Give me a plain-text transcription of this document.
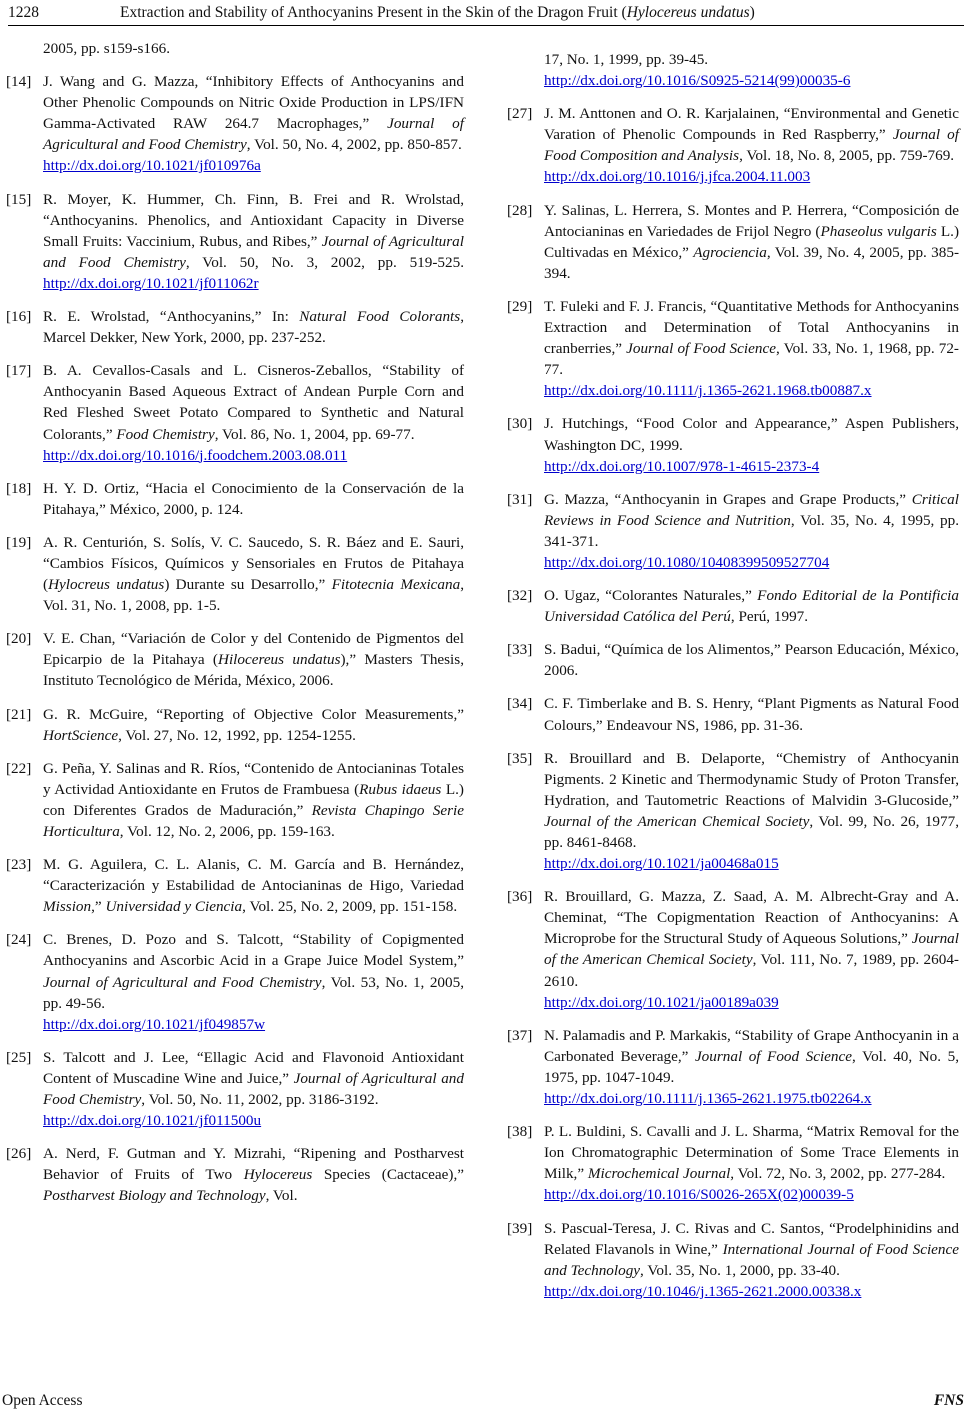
1228	Extraction and Stability of Anthocyanins Present in the Skin of the Dragon Fruit (Hylocereus undatus)
2005, pp. s159-s166.
[14] J. Wang and G. Mazza, “Inhibitory Effects of Anthocyanins and Other Phenolic Compounds on Nitric Oxide Production in LPS/IFN Gamma-Activated RAW 264.7 Macrophages,” Journal of Agricultural and Food Chemistry, Vol. 50, No. 4, 2002, pp. 850-857.
http://dx.doi.org/10.1021/jf010976a
[15] R. Moyer, K. Hummer, Ch. Finn, B. Frei and R. Wrolstad, “Anthocyanins. Phenolics, and Antioxidant Capacity in Diverse Small Fruits: Vaccinium, Rubus, and Ribes,” Journal of Agricultural and Food Chemistry, Vol. 50, No. 3, 2002, pp. 519-525. http://dx.doi.org/10.1021/jf011062r
[16] R. E. Wrolstad, “Anthocyanins,” In: Natural Food Colorants, Marcel Dekker, New York, 2000, pp. 237-252.
[17] B. A. Cevallos-Casals and L. Cisneros-Zeballos, “Stability of Anthocyanin Based Aqueous Extract of Andean Purple Corn and Red Fleshed Sweet Potato Compared to Synthetic and Natural Colorants,” Food Chemistry, Vol. 86, No. 1, 2004, pp. 69-77.
http://dx.doi.org/10.1016/j.foodchem.2003.08.011
[18] H. Y. D. Ortiz, “Hacia el Conocimiento de la Conservación de la Pitahaya,” México, 2000, p. 124.
[19] A. R. Centurión, S. Solís, V. C. Saucedo, S. R. Báez and E. Sauri, “Cambios Físicos, Químicos y Sensoriales en Frutos de Pitahaya (Hylocreus undatus) Durante su Desarrollo,” Fitotecnia Mexicana, Vol. 31, No. 1, 2008, pp. 1-5.
[20] V. E. Chan, “Variación de Color y del Contenido de Pigmentos del Epicarpio de la Pitahaya (Hilocereus undatus),” Masters Thesis, Instituto Tecnológico de Mérida, México, 2006.
[21] G. R. McGuire, “Reporting of Objective Color Measurements,” HortScience, Vol. 27, No. 12, 1992, pp. 1254-1255.
[22] G. Peña, Y. Salinas and R. Ríos, “Contenido de Antocianinas Totales y Actividad Antioxidante en Frutos de Frambuesa (Rubus idaeus L.) con Diferentes Grados de Maduración,” Revista Chapingo Serie Horticultura, Vol. 12, No. 2, 2006, pp. 159-163.
[23] M. G. Aguilera, C. L. Alanis, C. M. García and B. Hernández, “Caracterización y Estabilidad de Antocianinas de Higo, Variedad Mission,” Universidad y Ciencia, Vol. 25, No. 2, 2009, pp. 151-158.
[24] C. Brenes, D. Pozo and S. Talcott, “Stability of Copigmented Anthocyanins and Ascorbic Acid in a Grape Juice Model System,” Journal of Agricultural and Food Chemistry, Vol. 53, No. 1, 2005, pp. 49-56.
http://dx.doi.org/10.1021/jf049857w
[25] S. Talcott and J. Lee, “Ellagic Acid and Flavonoid Antioxidant Content of Muscadine Wine and Juice,” Journal of Agricultural and Food Chemistry, Vol. 50, No. 11, 2002, pp. 3186-3192.
http://dx.doi.org/10.1021/jf011500u
[26] A. Nerd, F. Gutman and Y. Mizrahi, “Ripening and Postharvest Behavior of Fruits of Two Hylocereus Species (Cactaceae),” Postharvest Biology and Technology, Vol.
17, No. 1, 1999, pp. 39-45.
http://dx.doi.org/10.1016/S0925-5214(99)00035-6
[27] J. M. Anttonen and O. R. Karjalainen, “Environmental and Genetic Varation of Phenolic Compounds in Red Raspberry,” Journal of Food Composition and Analysis, Vol. 18, No. 8, 2005, pp. 759-769.
http://dx.doi.org/10.1016/j.jfca.2004.11.003
[28] Y. Salinas, L. Herrera, S. Montes and P. Herrera, “Composición de Antocianinas en Variedades de Frijol Negro (Phaseolus vulgaris L.) Cultivadas en México,” Agrociencia, Vol. 39, No. 4, 2005, pp. 385-394.
[29] T. Fuleki and F. J. Francis, “Quantitative Methods for Anthocyanins Extraction and Determination of Total Anthocyanins in cranberries,” Journal of Food Science, Vol. 33, No. 1, 1968, pp. 72-77.
http://dx.doi.org/10.1111/j.1365-2621.1968.tb00887.x
[30] J. Hutchings, “Food Color and Appearance,” Aspen Publishers, Washington DC, 1999.
http://dx.doi.org/10.1007/978-1-4615-2373-4
[31] G. Mazza, “Anthocyanin in Grapes and Grape Products,” Critical Reviews in Food Science and Nutrition, Vol. 35, No. 4, 1995, pp. 341-371.
http://dx.doi.org/10.1080/10408399509527704
[32] O. Ugaz, “Colorantes Naturales,” Fondo Editorial de la Pontificia Universidad Católica del Perú, Perú, 1997.
[33] S. Badui, “Química de los Alimentos,” Pearson Educación, México, 2006.
[34] C. F. Timberlake and B. S. Henry, “Plant Pigments as Natural Food Colours,” Endeavour NS, 1986, pp. 31-36.
[35] R. Brouillard and B. Delaporte, “Chemistry of Anthocyanin Pigments. 2 Kinetic and Thermodynamic Study of Proton Transfer, Hydration, and Tautometric Reactions of Malvidin 3-Glucoside,” Journal of the American Chemical Society, Vol. 99, No. 26, 1977, pp. 8461-8468.
http://dx.doi.org/10.1021/ja00468a015
[36] R. Brouillard, G. Mazza, Z. Saad, A. M. Albrecht-Gray and A. Cheminat, “The Copigmentation Reaction of Anthocyanins: A Microprobe for the Structural Study of Aqueous Solutions,” Journal of the American Chemical Society, Vol. 111, No. 7, 1989, pp. 2604-2610.
http://dx.doi.org/10.1021/ja00189a039
[37] N. Palamadis and P. Markakis, “Stability of Grape Anthocyanin in a Carbonated Beverage,” Journal of Food Science, Vol. 40, No. 5, 1975, pp. 1047-1049.
http://dx.doi.org/10.1111/j.1365-2621.1975.tb02264.x
[38] P. L. Buldini, S. Cavalli and J. L. Sharma, “Matrix Removal for the Ion Chromatographic Determination of Some Trace Elements in Milk,” Microchemical Journal, Vol. 72, No. 3, 2002, pp. 277-284.
http://dx.doi.org/10.1016/S0026-265X(02)00039-5
[39] S. Pascual-Teresa, J. C. Rivas and C. Santos, “Prodelphinidins and Related Flavanols in Wine,” International Journal of Food Science and Technology, Vol. 35, No. 1, 2000, pp. 33-40.
http://dx.doi.org/10.1046/j.1365-2621.2000.00338.x
Open Access	FNS
